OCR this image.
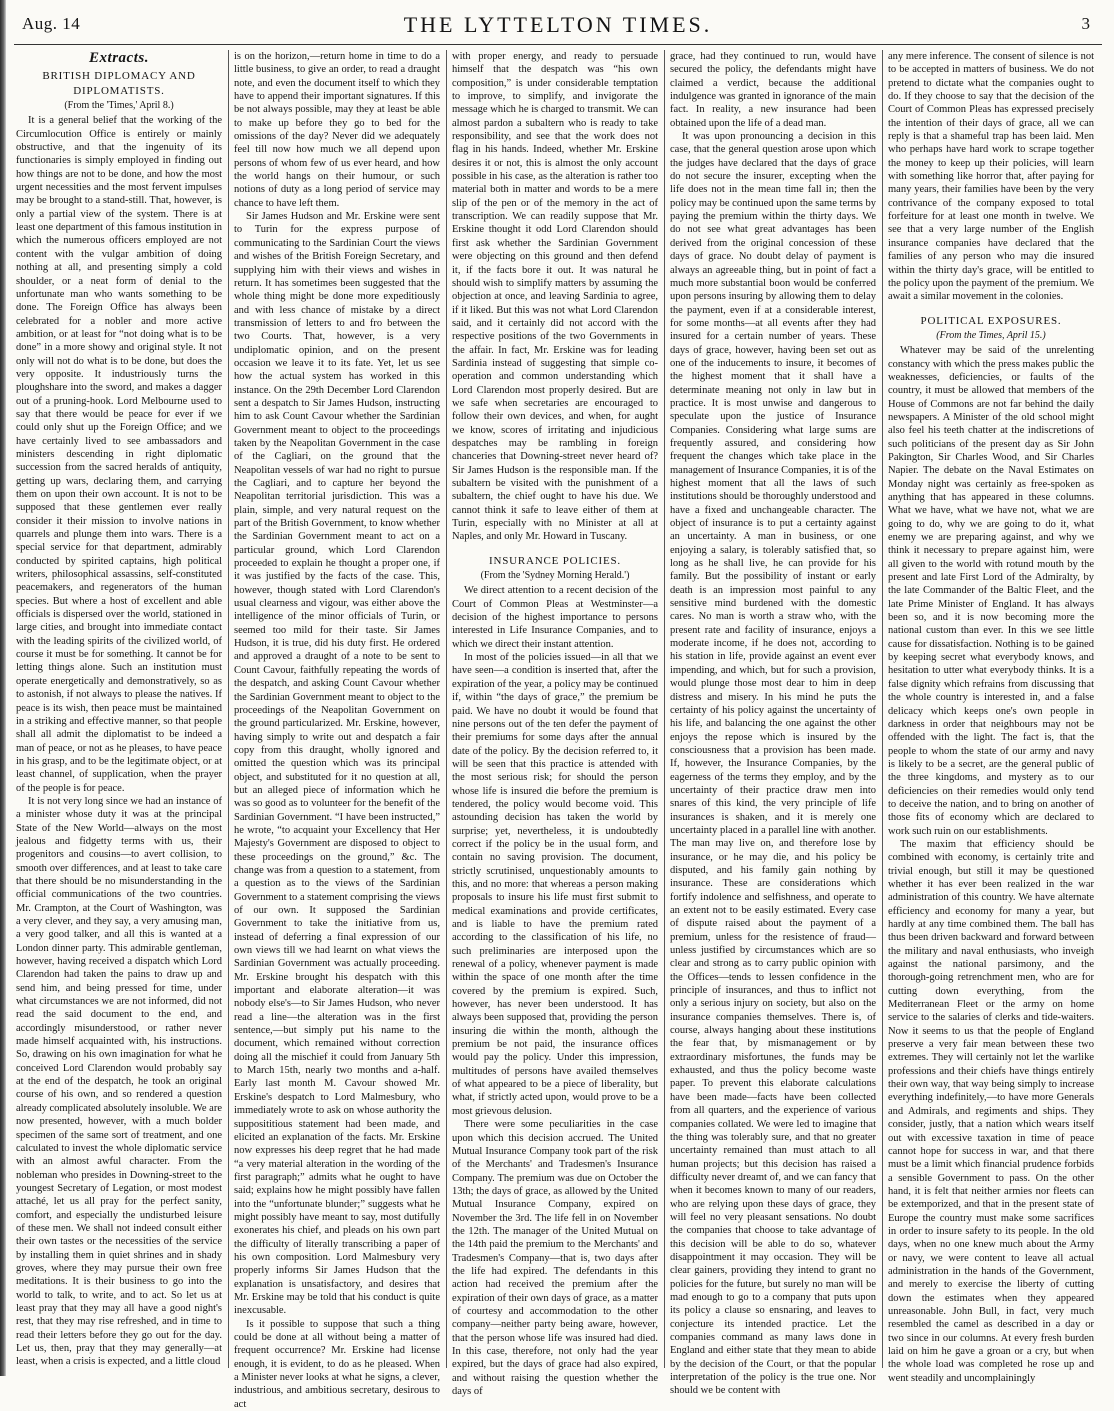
Aug. 14	THE LYTTELTON TIMES.	3
Extracts.
BRITISH DIPLOMACY AND
DIPLOMATISTS.
(From the 'Times,' April 8.)

It is a general belief that the working of the Circumlocution Office is entirely or mainly obstructive, and that the ingenuity of its functionaries is simply employed in finding out how things are not to be done, and how the most urgent necessities and the most fervent impulses may be brought to a stand-still. That, however, is only a partial view of the system. There is at least one department of this famous institution in which the numerous officers employed are not content with the vulgar ambition of doing nothing at all, and presenting simply a cold shoulder, or a neat form of denial to the unfortunate man who wants something to be done. The Foreign Office has always been celebrated for a nobler and more active ambition, or at least for “not doing what is to be done” in a more showy and original style. It not only will not do what is to be done, but does the very opposite. It industriously turns the ploughshare into the sword, and makes a dagger out of a pruning-hook. Lord Melbourne used to say that there would be peace for ever if we could only shut up the Foreign Office; and we have certainly lived to see ambassadors and ministers descending in right diplomatic succession from the sacred heralds of antiquity, getting up wars, declaring them, and carrying them on upon their own account. It is not to be supposed that these gentlemen ever really consider it their mission to involve nations in quarrels and plunge them into wars. There is a special service for that department, admirably conducted by spirited captains, high political writers, philosophical assassins, self-constituted peacemakers, and regenerators of the human species. But where a host of excellent and able officials is dispersed over the world, stationed in large cities, and brought into immediate contact with the leading spirits of the civilized world, of course it must be for something. It cannot be for letting things alone. Such an institution must operate energetically and demonstratively, so as to astonish, if not always to please the natives. If peace is its wish, then peace must be maintained in a striking and effective manner, so that people shall all admit the diplomatist to be indeed a man of peace, or not as he pleases, to have peace in his grasp, and to be the legitimate object, or at least channel, of supplication, when the prayer of the people is for peace.

It is not very long since we had an instance of a minister whose duty it was at the principal State of the New World—always on the most jealous and fidgetty terms with us, their progenitors and cousins—to avert collision, to smooth over differences, and at least to take care that there should be no misunderstanding in the official communications of the two countries. Mr. Crampton, at the Court of Washington, was a very clever, and they say, a very amusing man, a very good talker, and all this is wanted at a London dinner party. This admirable gentleman, however, having received a dispatch which Lord Clarendon had taken the pains to draw up and send him, and being pressed for time, under what circumstances we are not informed, did not read the said document to the end, and accordingly misunderstood, or rather never made himself acquainted with, his instructions. So, drawing on his own imagination for what he conceived Lord Clarendon would probably say at the end of the despatch, he took an original course of his own, and so rendered a question already complicated absolutely insoluble. We are now presented, however, with a much bolder specimen of the same sort of treatment, and one calculated to invest the whole diplomatic service with an almost awful character. From the nobleman who presides in Downing-street to the youngest Secretary of Legation, or most modest attaché, let us all pray for the perfect sanity, comfort, and especially the undisturbed leisure of these men. We shall not indeed consult either their own tastes or the necessities of the service by installing them in quiet shrines and in shady groves, where they may pursue their own free meditations. It is their business to go into the world to talk, to write, and to act. So let us at least pray that they may all have a good night's rest, that they may rise refreshed, and in time to read their letters before they go out for the day. Let us, then, pray that they may generally—at least, when a crisis is expected, and a little cloud

is on the horizon,—return home in time to do a little business, to give an order, to read a draught note, and even the document itself to which they have to append their important signatures. If this be not always possible, may they at least be able to make up before they go to bed for the omissions of the day? Never did we adequately feel till now how much we all depend upon persons of whom few of us ever heard, and how the world hangs on their humour, or such notions of duty as a long period of service may chance to have left them.

Sir James Hudson and Mr. Erskine were sent to Turin for the express purpose of communicating to the Sardinian Court the views and wishes of the British Foreign Secretary, and supplying him with their views and wishes in return. It has sometimes been suggested that the whole thing might be done more expeditiously and with less chance of mistake by a direct transmission of letters to and fro between the two Courts. That, however, is a very undiplomatic opinion, and on the present occasion we leave it to its fate. Yet, let us see how the actual system has worked in this instance. On the 29th December Lord Clarendon sent a despatch to Sir James Hudson, instructing him to ask Count Cavour whether the Sardinian Government meant to object to the proceedings taken by the Neapolitan Government in the case of the Cagliari, on the ground that the Neapolitan vessels of war had no right to pursue the Cagliari, and to capture her beyond the Neapolitan territorial jurisdiction. This was a plain, simple, and very natural request on the part of the British Government, to know whether the Sardinian Government meant to act on a particular ground, which Lord Clarendon proceeded to explain he thought a proper one, if it was justified by the facts of the case. This, however, though stated with Lord Clarendon's usual clearness and vigour, was either above the intelligence of the minor officials of Turin, or seemed too mild for their taste. Sir James Hudson, it is true, did his duty first. He ordered and approved a draught of a note to be sent to Count Cavour, faithfully repeating the words of the despatch, and asking Count Cavour whether the Sardinian Government meant to object to the proceedings of the Neapolitan Government on the ground particularized. Mr. Erskine, however, having simply to write out and despatch a fair copy from this draught, wholly ignored and omitted the question which was its principal object, and substituted for it no question at all, but an alleged piece of information which he was so good as to volunteer for the benefit of the Sardinian Government. “I have been instructed,” he wrote, “to acquaint your Excellency that Her Majesty's Government are disposed to object to these proceedings on the ground,” &c. The change was from a question to a statement, from a question as to the views of the Sardinian Government to a statement comprising the views of our own. It supposed the Sardinian Government to take the initiative from us, instead of deferring a final expression of our own views till we had learnt on what views the Sardinian Government was actually proceeding. Mr. Erskine brought his despatch with this important and elaborate alteration—it was nobody else's—to Sir James Hudson, who never read a line—the alteration was in the first sentence,—but simply put his name to the document, which remained without correction doing all the mischief it could from January 5th to March 15th, nearly two months and a-half. Early last month M. Cavour showed Mr. Erskine's despatch to Lord Malmesbury, who immediately wrote to ask on whose authority the supposititious statement had been made, and elicited an explanation of the facts. Mr. Erskine now expresses his deep regret that he had made “a very material alteration in the wording of the first paragraph;” admits what he ought to have said; explains how he might possibly have fallen into the “unfortunate blunder;” suggests what he might possibly have meant to say, most dutifully exonerates his chief, and pleads on his own part the difficulty of literally transcribing a paper of his own composition. Lord Malmesbury very properly informs Sir James Hudson that the explanation is unsatisfactory, and desires that Mr. Erskine may be told that his conduct is quite inexcusable.

Is it possible to suppose that such a thing could be done at all without being a matter of frequent occurrence? Mr. Erskine had license enough, it is evident, to do as he pleased. When a Minister never looks at what he signs, a clever, industrious, and ambitious secretary, desirous to act

with proper energy, and ready to persuade himself that the despatch was “his own composition,” is under considerable temptation to improve, to simplify, and invigorate the message which he is charged to transmit. We can almost pardon a subaltern who is ready to take responsibility, and see that the work does not flag in his hands. Indeed, whether Mr. Erskine desires it or not, this is almost the only account possible in his case, as the alteration is rather too material both in matter and words to be a mere slip of the pen or of the memory in the act of transcription. We can readily suppose that Mr. Erskine thought it odd Lord Clarendon should first ask whether the Sardinian Government were objecting on this ground and then defend it, if the facts bore it out. It was natural he should wish to simplify matters by assuming the objection at once, and leaving Sardinia to agree, if it liked. But this was not what Lord Clarendon said, and it certainly did not accord with the respective positions of the two Governments in the affair. In fact, Mr. Erskine was for leading Sardinia instead of suggesting that simple co-operation and common understanding which Lord Clarendon most properly desired. But are we safe when secretaries are encouraged to follow their own devices, and when, for aught we know, scores of irritating and injudicious despatches may be rambling in foreign chanceries that Downing-street never heard of? Sir James Hudson is the responsible man. If the subaltern be visited with the punishment of a subaltern, the chief ought to have his due. We cannot think it safe to leave either of them at Turin, especially with no Minister at all at Naples, and only Mr. Howard in Tuscany.

INSURANCE POLICIES.
(From the 'Sydney Morning Herald.')

We direct attention to a recent decision of the Court of Common Pleas at Westminster—a decision of the highest importance to persons interested in Life Insurance Companies, and to which we direct their instant attention.

In most of the policies issued—in all that we have seen—a condition is inserted that, after the expiration of the year, a policy may be continued if, within “the days of grace,” the premium be paid. We have no doubt it would be found that nine persons out of the ten defer the payment of their premiums for some days after the annual date of the policy. By the decision referred to, it will be seen that this practice is attended with the most serious risk; for should the person whose life is insured die before the premium is tendered, the policy would become void. This astounding decision has taken the world by surprise; yet, nevertheless, it is undoubtedly correct if the policy be in the usual form, and contain no saving provision. The document, strictly scrutinised, unquestionably amounts to this, and no more: that whereas a person making proposals to insure his life must first submit to medical examinations and provide certificates, and is liable to have the premium rated according to the classification of his life, no such preliminaries are interposed upon the renewal of a policy, whenever payment is made within the space of one month after the time covered by the premium is expired. Such, however, has never been understood. It has always been supposed that, providing the person insuring die within the month, although the premium be not paid, the insurance offices would pay the policy. Under this impression, multitudes of persons have availed themselves of what appeared to be a piece of liberality, but what, if strictly acted upon, would prove to be a most grievous delusion.

There were some peculiarities in the case upon which this decision accrued. The United Mutual Insurance Company took part of the risk of the Merchants' and Tradesmen's Insurance Company. The premium was due on October the 13th; the days of grace, as allowed by the United Mutual Insurance Company, expired on November the 3rd. The life fell in on November the 12th. The manager of the United Mutual on the 14th paid the premium to the Merchants' and Tradesmen's Company—that is, two days after the life had expired. The defendants in this action had received the premium after the expiration of their own days of grace, as a matter of courtesy and accommodation to the other company—neither party being aware, however, that the person whose life was insured had died. In this case, therefore, not only had the year expired, but the days of grace had also expired, and without raising the question whether the days of

grace, had they continued to run, would have secured the policy, the defendants might have claimed a verdict, because the additional indulgence was granted in ignorance of the main fact. In reality, a new insurance had been obtained upon the life of a dead man.

It was upon pronouncing a decision in this case, that the general question arose upon which the judges have declared that the days of grace do not secure the insurer, excepting when the life does not in the mean time fall in; then the policy may be continued upon the same terms by paying the premium within the thirty days. We do not see what great advantages has been derived from the original concession of these days of grace. No doubt delay of payment is always an agreeable thing, but in point of fact a much more substantial boon would be conferred upon persons insuring by allowing them to delay the payment, even if at a considerable interest, for some months—at all events after they had insured for a certain number of years. These days of grace, however, having been set out as one of the inducements to insure, it becomes of the highest moment that it shall have a determinate meaning not only in law but in practice. It is most unwise and dangerous to speculate upon the justice of Insurance Companies. Considering what large sums are frequently assured, and considering how frequent the changes which take place in the management of Insurance Companies, it is of the highest moment that all the laws of such institutions should be thoroughly understood and have a fixed and unchangeable character. The object of insurance is to put a certainty against an uncertainty. A man in business, or one enjoying a salary, is tolerably satisfied that, so long as he shall live, he can provide for his family. But the possibility of instant or early death is an impression most painful to any sensitive mind burdened with the domestic cares. No man is worth a straw who, with the present rate and facility of insurance, enjoys a moderate income, if he does not, according to his station in life, provide against an event ever impending, and which, but for such a provision, would plunge those most dear to him in deep distress and misery. In his mind he puts the certainty of his policy against the uncertainty of his life, and balancing the one against the other enjoys the repose which is insured by the consciousness that a provision has been made. If, however, the Insurance Companies, by the eagerness of the terms they employ, and by the uncertainty of their practice draw men into snares of this kind, the very principle of life insurances is shaken, and it is merely one uncertainty placed in a parallel line with another. The man may live on, and therefore lose by insurance, or he may die, and his policy be disputed, and his family gain nothing by insurance. These are considerations which fortify indolence and selfishness, and operate to an extent not to be easily estimated. Every case of dispute raised about the payment of a premium, unless for the resistence of fraud—unless justified by circumstances which are so clear and strong as to carry public opinion with the Offices—tends to lessen confidence in the principle of insurances, and thus to inflict not only a serious injury on society, but also on the insurance companies themselves. There is, of course, always hanging about these institutions the fear that, by mismanagement or by extraordinary misfortunes, the funds may be exhausted, and thus the policy become waste paper. To prevent this elaborate calculations have been made—facts have been collected from all quarters, and the experience of various companies collated. We were led to imagine that the thing was tolerably sure, and that no greater uncertainty remained than must attach to all human projects; but this decision has raised a difficulty never dreamt of, and we can fancy that when it becomes known to many of our readers, who are relying upon these days of grace, they will feel no very pleasant sensations. No doubt the companies that choose to take advantage of this decision will be able to do so, whatever disappointment it may occasion. They will be clear gainers, providing they intend to grant no policies for the future, but surely no man will be mad enough to go to a company that puts upon its policy a clause so ensnaring, and leaves to conjecture its intended practice. Let the companies command as many laws done in England and either state that they mean to abide by the decision of the Court, or that the popular interpretation of the policy is the true one. Nor should we be content with

any mere inference. The consent of silence is not to be accepted in matters of business. We do not pretend to dictate what the companies ought to do. If they choose to say that the decision of the Court of Common Pleas has expressed precisely the intention of their days of grace, all we can reply is that a shameful trap has been laid. Men who perhaps have hard work to scrape together the money to keep up their policies, will learn with something like horror that, after paying for many years, their families have been by the very contrivance of the company exposed to total forfeiture for at least one month in twelve. We see that a very large number of the English insurance companies have declared that the families of any person who may die insured within the thirty day's grace, will be entitled to the policy upon the payment of the premium. We await a similar movement in the colonies.

POLITICAL EXPOSURES.
(From the Times, April 15.)

Whatever may be said of the unrelenting constancy with which the press makes public the weaknesses, deficiencies, or faults of the country, it must be allowed that members of the House of Commons are not far behind the daily newspapers. A Minister of the old school might also feel his teeth chatter at the indiscretions of such politicians of the present day as Sir John Pakington, Sir Charles Wood, and Sir Charles Napier. The debate on the Naval Estimates on Monday night was certainly as free-spoken as anything that has appeared in these columns. What we have, what we have not, what we are going to do, why we are going to do it, what enemy we are preparing against, and why we think it necessary to prepare against him, were all given to the world with rotund mouth by the present and late First Lord of the Admiralty, by the late Commander of the Baltic Fleet, and the late Prime Minister of England. It has always been so, and it is now becoming more the national custom than ever. In this we see little cause for dissatisfaction. Nothing is to be gained by keeping secret what everybody knows, and hesitation to utter what everybody thinks. It is a false dignity which refrains from discussing that the whole country is interested in, and a false delicacy which keeps one's own people in darkness in order that neighbours may not be offended with the light. The fact is, that the people to whom the state of our army and navy is likely to be a secret, are the general public of the three kingdoms, and mystery as to our deficiencies on their remedies would only tend to deceive the nation, and to bring on another of those fits of economy which are declared to work such ruin on our establishments.

The maxim that efficiency should be combined with economy, is certainly trite and trivial enough, but still it may be questioned whether it has ever been realized in the war administration of this country. We have alternate efficiency and economy for many a year, but hardly at any time combined them. The ball has thus been driven backward and forward between the military and naval enthusiasts, who inveigh against the national parsimony, and the thorough-going retrenchment men, who are for cutting down everything, from the Mediterranean Fleet or the army on home service to the salaries of clerks and tide-waiters. Now it seems to us that the people of England preserve a very fair mean between these two extremes. They will certainly not let the warlike professions and their chiefs have things entirely their own way, that way being simply to increase everything indefinitely,—to have more Generals and Admirals, and regiments and ships. They consider, justly, that a nation which wears itself out with excessive taxation in time of peace cannot hope for success in war, and that there must be a limit which financial prudence forbids a sensible Government to pass. On the other hand, it is felt that neither armies nor fleets can be extemporized, and that in the present state of Europe the country must make some sacrifices in order to insure safety to its people. In the old days, when no one knew much about the Army or navy, we were content to leave all actual administration in the hands of the Government, and merely to exercise the liberty of cutting down the estimates when they appeared unreasonable. John Bull, in fact, very much resembled the camel as described in a day or two since in our columns. At every fresh burden laid on him he gave a groan or a cry, but when the whole load was completed he rose up and went steadily and uncomplainingly
